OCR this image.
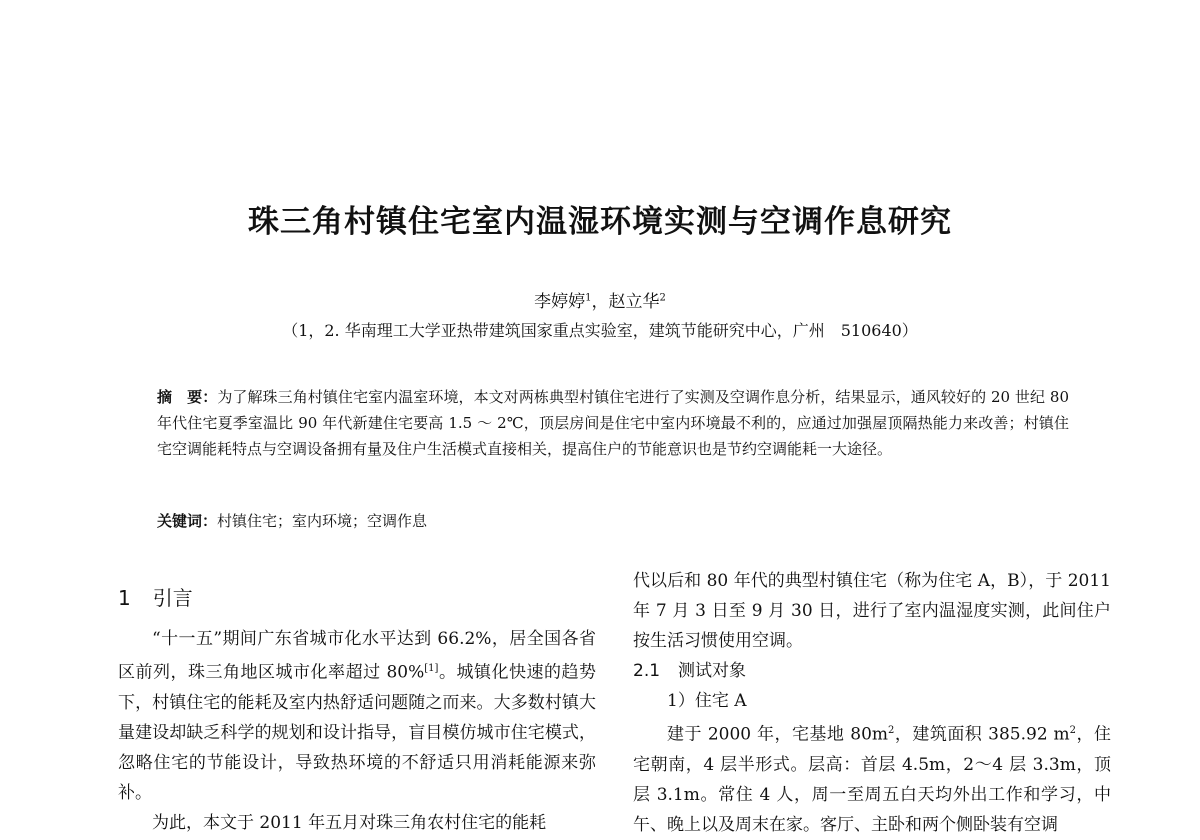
珠三角村镇住宅室内温湿环境实测与空调作息研究
李婷婷$^1$，赵立华$^2$
（1，2. 华南理工大学亚热带建筑国家重点实验室，建筑节能研究中心，广州　510640）
摘　要：为了解珠三角村镇住宅室内温室环境，本文对两栋典型村镇住宅进行了实测及空调作息分析，结果显示，通风较好的 20 世纪 80 年代住宅夏季室温比 90 年代新建住宅要高 1.5 ～ 2℃，顶层房间是住宅中室内环境最不利的，应通过加强屋顶隔热能力来改善；村镇住宅空调能耗特点与空调设备拥有量及住户生活模式直接相关，提高住户的节能意识也是节约空调能耗一大途径。
关键词：村镇住宅；室内环境；空调作息
1 引言

“十一五”期间广东省城市化水平达到 66.2%，居全国各省区前列，珠三角地区城市化率超过 80%[1]。城镇化快速的趋势下，村镇住宅的能耗及室内热舒适问题随之而来。大多数村镇大量建设却缺乏科学的规划和设计指导，盲目模仿城市住宅模式，忽略住宅的节能设计，导致热环境的不舒适只用消耗能源来弥补。

为此，本文于 2011 年五月对珠三角农村住宅的能耗

代以后和 80 年代的典型村镇住宅（称为住宅 A，B），于 2011 年 7 月 3 日至 9 月 30 日，进行了室内温湿度实测，此间住户按生活习惯使用空调。

2.1 测试对象
1）住宅 A

建于 2000 年，宅基地 $80m^2$，建筑面积 385.92 $m^2$，住宅朝南，4 层半形式。层高：首层 4.5m，2～4 层 3.3m，顶层 3.1m。常住 4 人，周一至周五白天均外出工作和学习，中午、晚上以及周末在家。客厅、主卧和两个侧卧装有空调
